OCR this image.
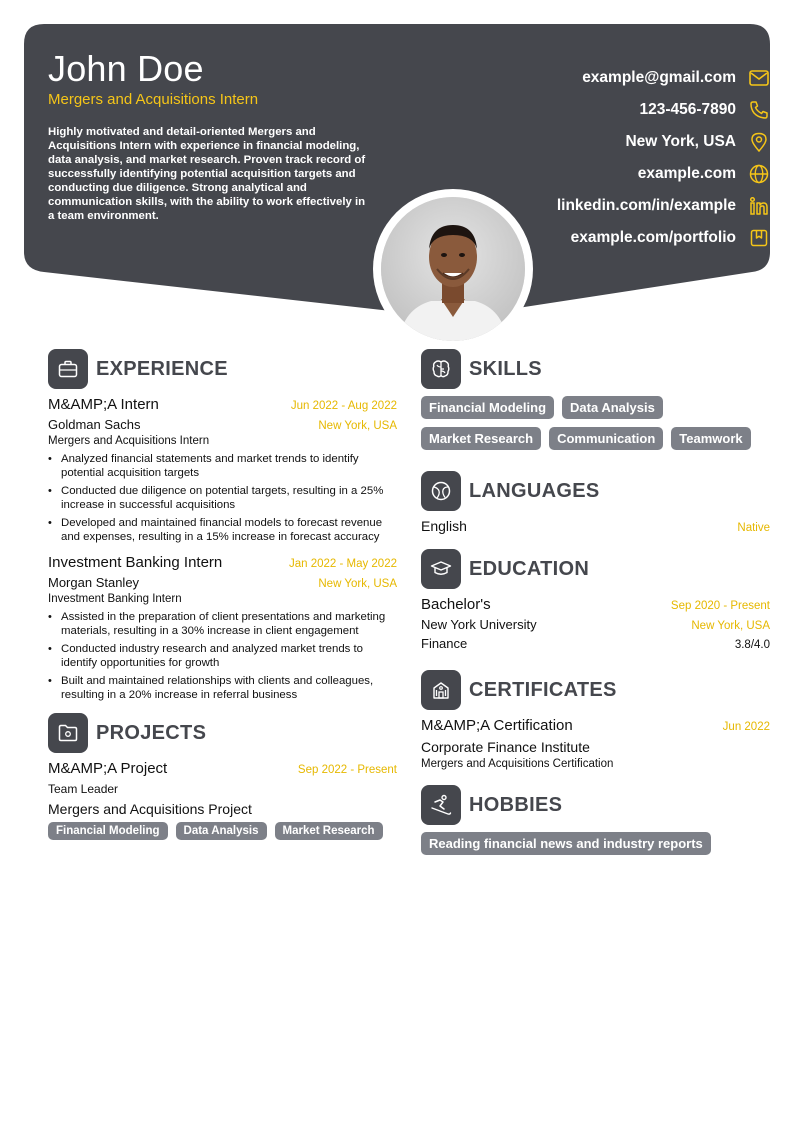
John Doe
Mergers and Acquisitions Intern
Highly motivated and detail-oriented Mergers and Acquisitions Intern with experience in financial modeling, data analysis, and market research. Proven track record of successfully identifying potential acquisition targets and conducting due diligence. Strong analytical and communication skills, with the ability to work effectively in a team environment.
example@gmail.com
123-456-7890
New York, USA
example.com
linkedin.com/in/example
example.com/portfolio
EXPERIENCE
M&AMP;A Intern	Jun 2022 - Aug 2022
Goldman Sachs	New York, USA
Mergers and Acquisitions Intern
• Analyzed financial statements and market trends to identify potential acquisition targets
• Conducted due diligence on potential targets, resulting in a 25% increase in successful acquisitions
• Developed and maintained financial models to forecast revenue and expenses, resulting in a 15% increase in forecast accuracy
Investment Banking Intern	Jan 2022 - May 2022
Morgan Stanley	New York, USA
Investment Banking Intern
• Assisted in the preparation of client presentations and marketing materials, resulting in a 30% increase in client engagement
• Conducted industry research and analyzed market trends to identify opportunities for growth
• Built and maintained relationships with clients and colleagues, resulting in a 20% increase in referral business
PROJECTS
M&AMP;A Project	Sep 2022 - Present
Team Leader
Mergers and Acquisitions Project
Financial Modeling	Data Analysis	Market Research
SKILLS
Financial Modeling	Data Analysis
Market Research	Communication	Teamwork
LANGUAGES
English	Native
EDUCATION
Bachelor's	Sep 2020 - Present
New York University	New York, USA
Finance	3.8/4.0
CERTIFICATES
M&AMP;A Certification	Jun 2022
Corporate Finance Institute
Mergers and Acquisitions Certification
HOBBIES
Reading financial news and industry reports
